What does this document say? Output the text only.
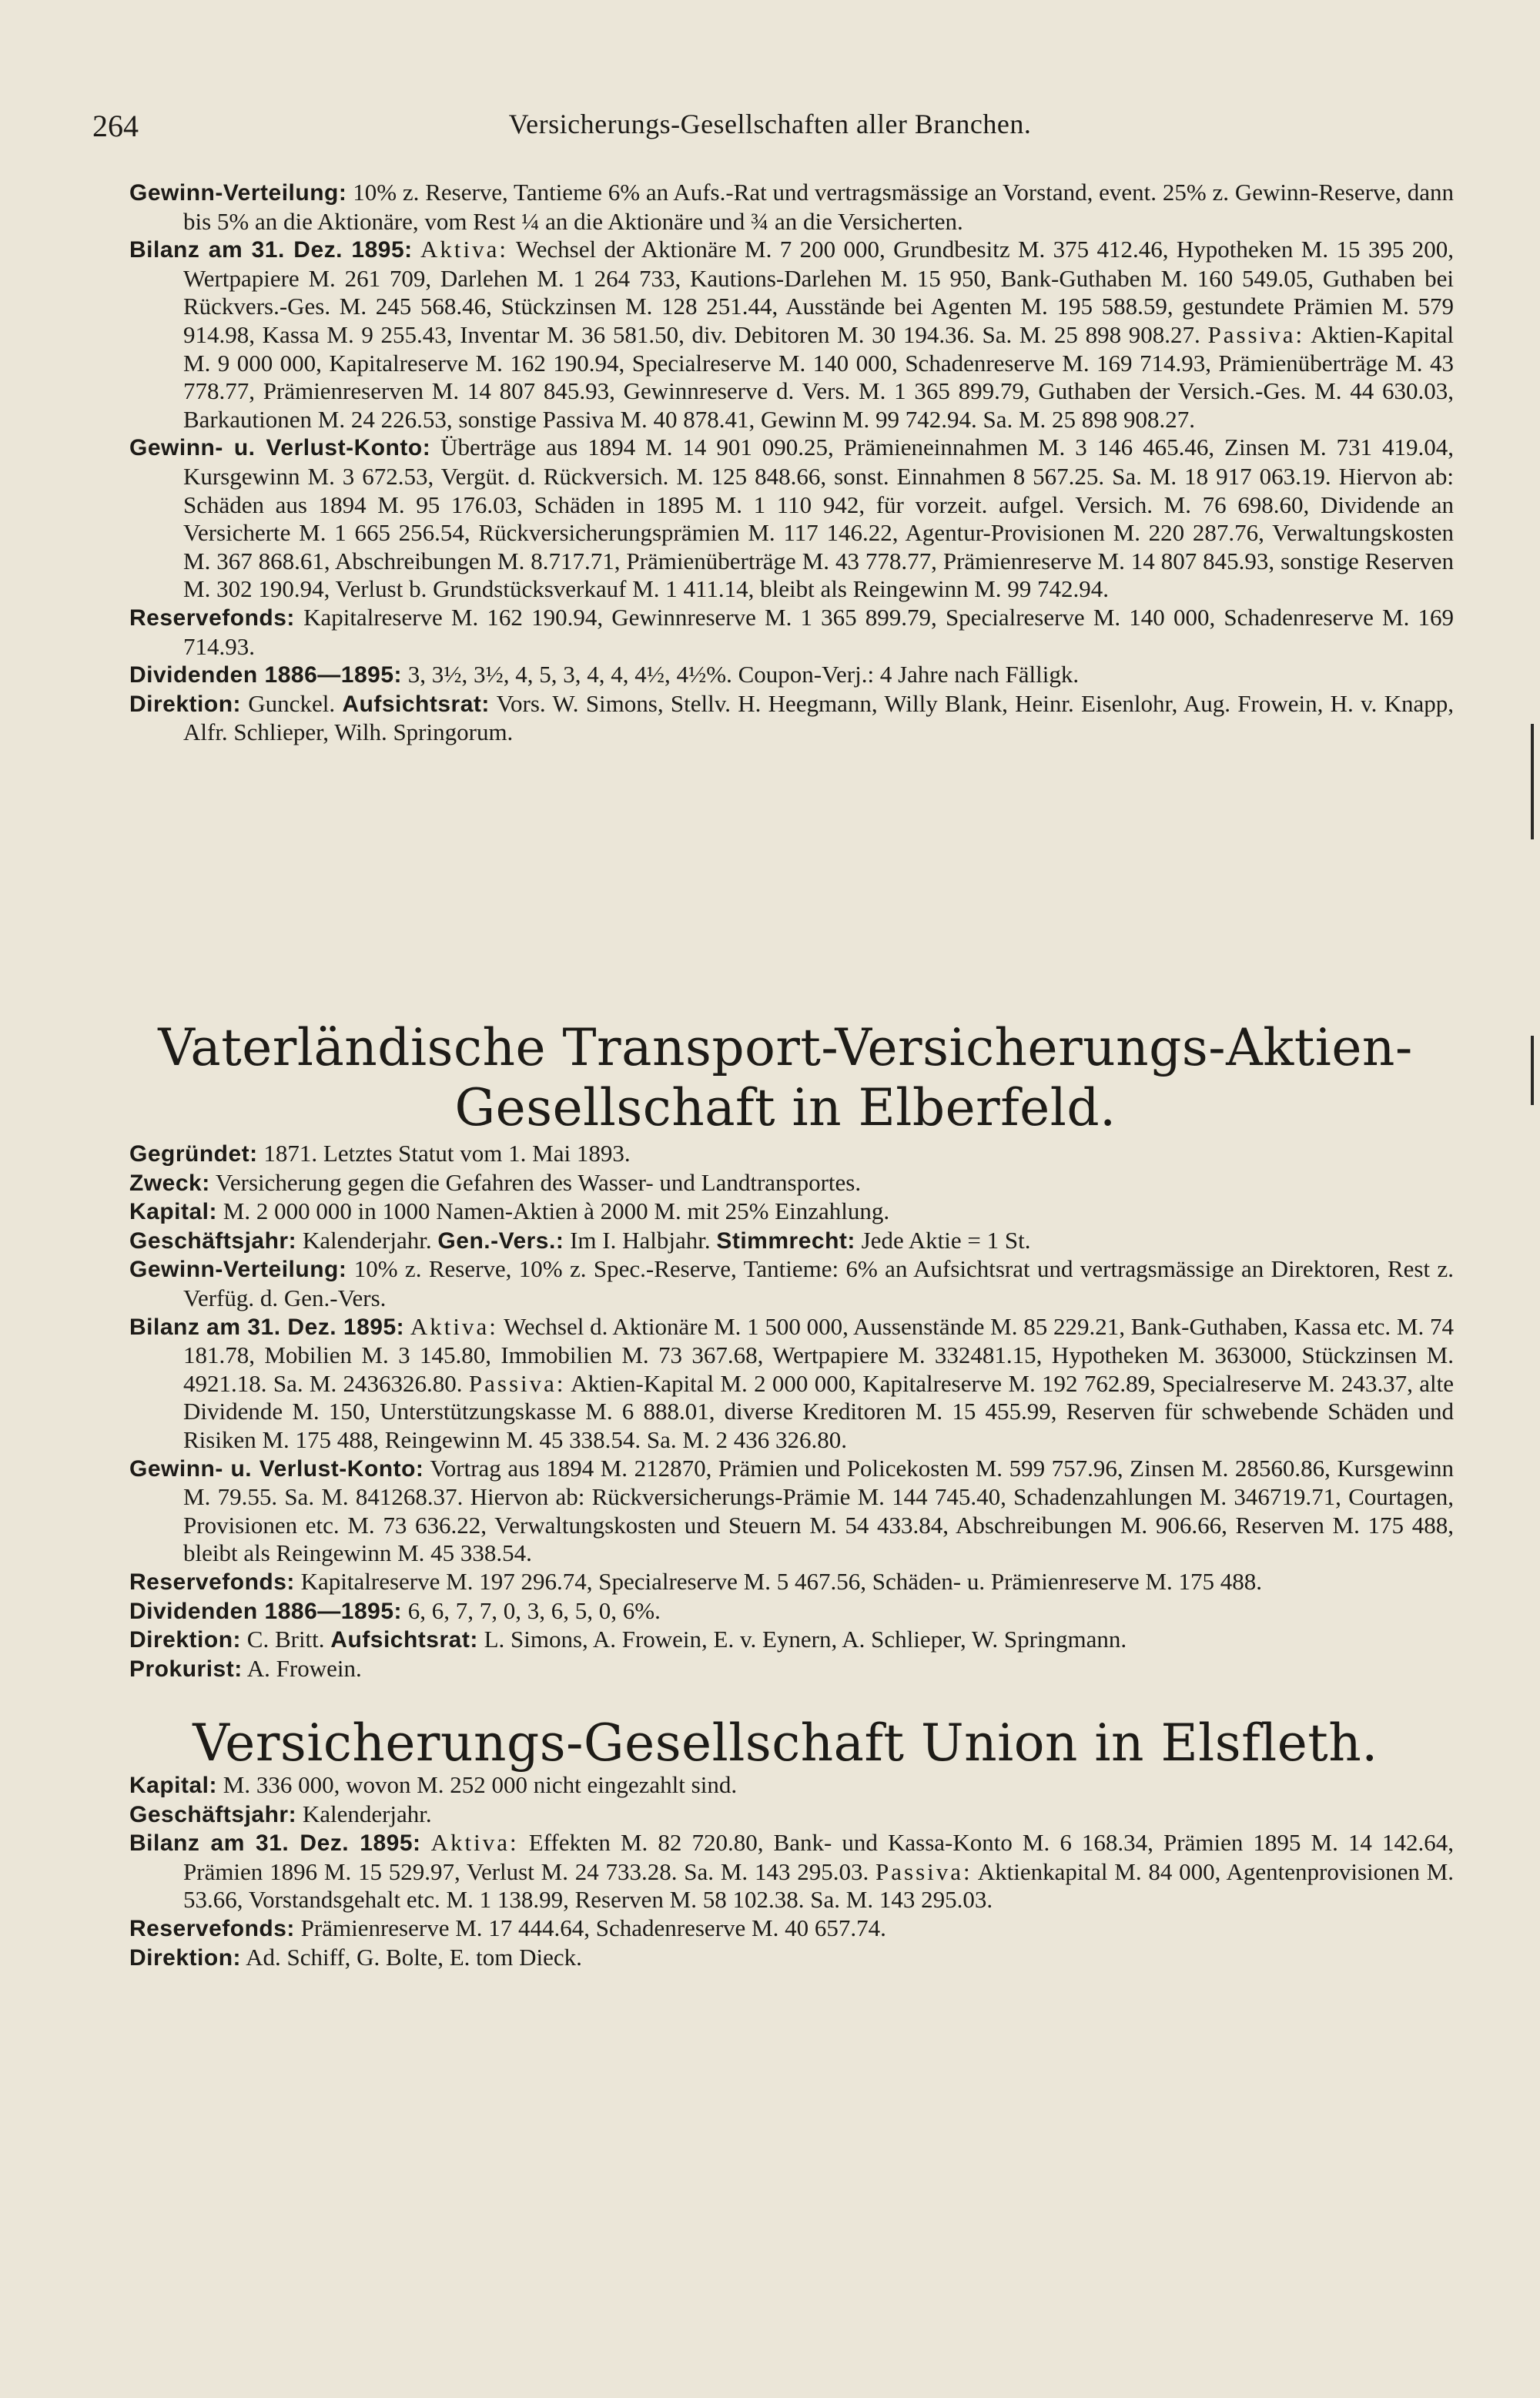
264	Versicherungs-Gesellschaften aller Branchen.

Gewinn-Verteilung: 10% z. Reserve, Tantieme 6% an Aufs.-Rat und vertragsmässige an Vorstand, event. 25% z. Gewinn-Reserve, dann bis 5% an die Aktionäre, vom Rest ¼ an die Aktionäre und ¾ an die Versicherten.

Bilanz am 31. Dez. 1895: Aktiva: Wechsel der Aktionäre M. 7 200 000, Grundbesitz M. 375 412.46, Hypotheken M. 15 395 200, Wertpapiere M. 261 709, Darlehen M. 1 264 733, Kautions-Darlehen M. 15 950, Bank-Guthaben M. 160 549.05, Guthaben bei Rückvers.-Ges. M. 245 568.46, Stückzinsen M. 128 251.44, Ausstände bei Agenten M. 195 588.59, gestundete Prämien M. 579 914.98, Kassa M. 9 255.43, Inventar M. 36 581.50, div. Debitoren M. 30 194.36. Sa. M. 25 898 908.27. Passiva: Aktien-Kapital M. 9 000 000, Kapitalreserve M. 162 190.94, Specialreserve M. 140 000, Schadenreserve M. 169 714.93, Prämienüberträge M. 43 778.77, Prämienreserven M. 14 807 845.93, Gewinnreserve d. Vers. M. 1 365 899.79, Guthaben der Versich.-Ges. M. 44 630.03, Barkautionen M. 24 226.53, sonstige Passiva M. 40 878.41, Gewinn M. 99 742.94. Sa. M. 25 898 908.27.

Gewinn- u. Verlust-Konto: Überträge aus 1894 M. 14 901 090.25, Prämieneinnahmen M. 3 146 465.46, Zinsen M. 731 419.04, Kursgewinn M. 3 672.53, Vergüt. d. Rückversich. M. 125 848.66, sonst. Einnahmen 8 567.25. Sa. M. 18 917 063.19. Hiervon ab: Schäden aus 1894 M. 95 176.03, Schäden in 1895 M. 1 110 942, für vorzeit. aufgel. Versich. M. 76 698.60, Dividende an Versicherte M. 1 665 256.54, Rückversicherungsprämien M. 117 146.22, Agentur-Provisionen M. 220 287.76, Verwaltungskosten M. 367 868.61, Abschreibungen M. 8.717.71, Prämienüberträge M. 43 778.77, Prämienreserve M. 14 807 845.93, sonstige Reserven M. 302 190.94, Verlust b. Grundstücksverkauf M. 1 411.14, bleibt als Reingewinn M. 99 742.94.

Reservefonds: Kapitalreserve M. 162 190.94, Gewinnreserve M. 1 365 899.79, Specialreserve M. 140 000, Schadenreserve M. 169 714.93.

Dividenden 1886—1895: 3, 3½, 3½, 4, 5, 3, 4, 4, 4½, 4½%. Coupon-Verj.: 4 Jahre nach Fälligk.

Direktion: Gunckel. Aufsichtsrat: Vors. W. Simons, Stellv. H. Heegmann, Willy Blank, Heinr. Eisenlohr, Aug. Frowein, H. v. Knapp, Alfr. Schlieper, Wilh. Springorum.

Vaterländische Transport-Versicherungs-Aktien-Gesellschaft in Elberfeld.

Gegründet: 1871. Letztes Statut vom 1. Mai 1893.

Zweck: Versicherung gegen die Gefahren des Wasser- und Landtransportes.

Kapital: M. 2 000 000 in 1000 Namen-Aktien à 2000 M. mit 25% Einzahlung.

Geschäftsjahr: Kalenderjahr. Gen.-Vers.: Im I. Halbjahr. Stimmrecht: Jede Aktie = 1 St.

Gewinn-Verteilung: 10% z. Reserve, 10% z. Spec.-Reserve, Tantieme: 6% an Aufsichtsrat und vertragsmässige an Direktoren, Rest z. Verfüg. d. Gen.-Vers.

Bilanz am 31. Dez. 1895: Aktiva: Wechsel d. Aktionäre M. 1 500 000, Aussenstände M. 85 229.21, Bank-Guthaben, Kassa etc. M. 74 181.78, Mobilien M. 3 145.80, Immobilien M. 73 367.68, Wertpapiere M. 332481.15, Hypotheken M. 363000, Stückzinsen M. 4921.18. Sa. M. 2436326.80. Passiva: Aktien-Kapital M. 2 000 000, Kapitalreserve M. 192 762.89, Specialreserve M. 243.37, alte Dividende M. 150, Unterstützungskasse M. 6 888.01, diverse Kreditoren M. 15 455.99, Reserven für schwebende Schäden und Risiken M. 175 488, Reingewinn M. 45 338.54. Sa. M. 2 436 326.80.

Gewinn- u. Verlust-Konto: Vortrag aus 1894 M. 212870, Prämien und Policekosten M. 599 757.96, Zinsen M. 28560.86, Kursgewinn M. 79.55. Sa. M. 841268.37. Hiervon ab: Rückversicherungs-Prämie M. 144 745.40, Schadenzahlungen M. 346719.71, Courtagen, Provisionen etc. M. 73 636.22, Verwaltungskosten und Steuern M. 54 433.84, Abschreibungen M. 906.66, Reserven M. 175 488, bleibt als Reingewinn M. 45 338.54.

Reservefonds: Kapitalreserve M. 197 296.74, Specialreserve M. 5 467.56, Schäden- u. Prämienreserve M. 175 488.

Dividenden 1886—1895: 6, 6, 7, 7, 0, 3, 6, 5, 0, 6%.

Direktion: C. Britt. Aufsichtsrat: L. Simons, A. Frowein, E. v. Eynern, A. Schlieper, W. Springmann.

Prokurist: A. Frowein.

Versicherungs-Gesellschaft Union in Elsfleth.

Kapital: M. 336 000, wovon M. 252 000 nicht eingezahlt sind.

Geschäftsjahr: Kalenderjahr.

Bilanz am 31. Dez. 1895: Aktiva: Effekten M. 82 720.80, Bank- und Kassa-Konto M. 6 168.34, Prämien 1895 M. 14 142.64, Prämien 1896 M. 15 529.97, Verlust M. 24 733.28. Sa. M. 143 295.03. Passiva: Aktienkapital M. 84 000, Agentenprovisionen M. 53.66, Vorstandsgehalt etc. M. 1 138.99, Reserven M. 58 102.38. Sa. M. 143 295.03.

Reservefonds: Prämienreserve M. 17 444.64, Schadenreserve M. 40 657.74.

Direktion: Ad. Schiff, G. Bolte, E. tom Dieck.
